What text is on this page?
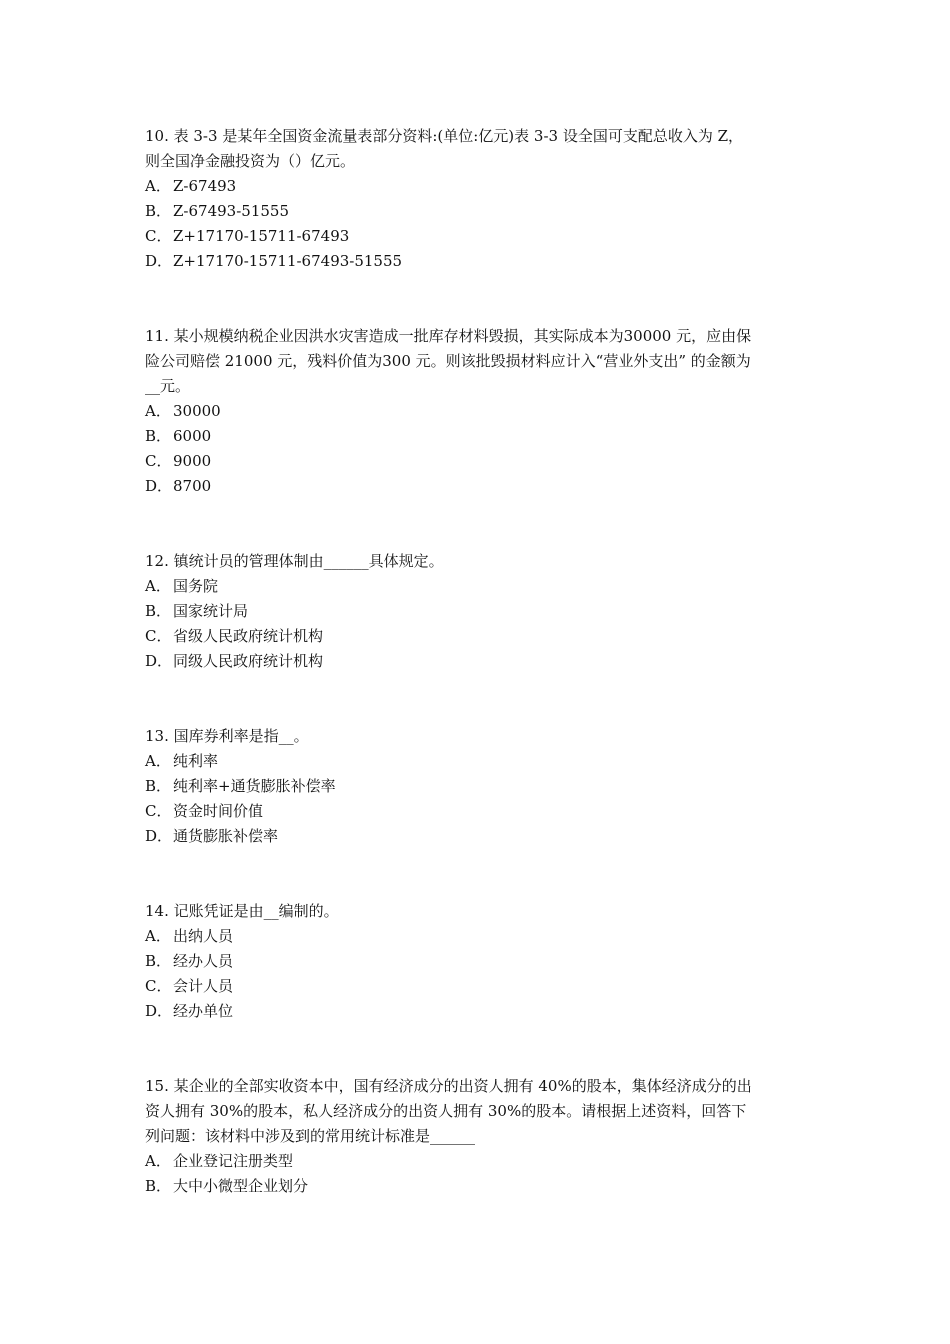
10. 表 3-3 是某年全国资金流量表部分资料:(单位:亿元)表 3-3 设全国可支配总收入为 Z，

则全国净金融投资为（）亿元。

A． Z-67493

B． Z-67493-51555

C． Z+17170-15711-67493

D．Z+17170-15711-67493-51555

11. 某小规模纳税企业因洪水灾害造成一批库存材料毁损，其实际成本为30000 元，应由保

险公司赔偿 21000 元，残料价值为300 元。则该批毁损材料应计入“营业外支出” 的金额为

__元。

A． 30000

B． 6000

C． 9000

D．8700

12. 镇统计员的管理体制由______具体规定。

A． 国务院

B． 国家统计局

C． 省级人民政府统计机构

D．同级人民政府统计机构

13. 国库券利率是指__。

A． 纯利率

B． 纯利率+通货膨胀补偿率

C． 资金时间价值

D．通货膨胀补偿率

14. 记账凭证是由__编制的。

A． 出纳人员

B． 经办人员

C． 会计人员

D．经办单位

15. 某企业的全部实收资本中，国有经济成分的出资人拥有 40%的股本，集体经济成分的出

资人拥有 30%的股本，私人经济成分的出资人拥有 30%的股本。请根据上述资料，回答下

列问题：该材料中涉及到的常用统计标准是______

A． 企业登记注册类型

B． 大中小微型企业划分
